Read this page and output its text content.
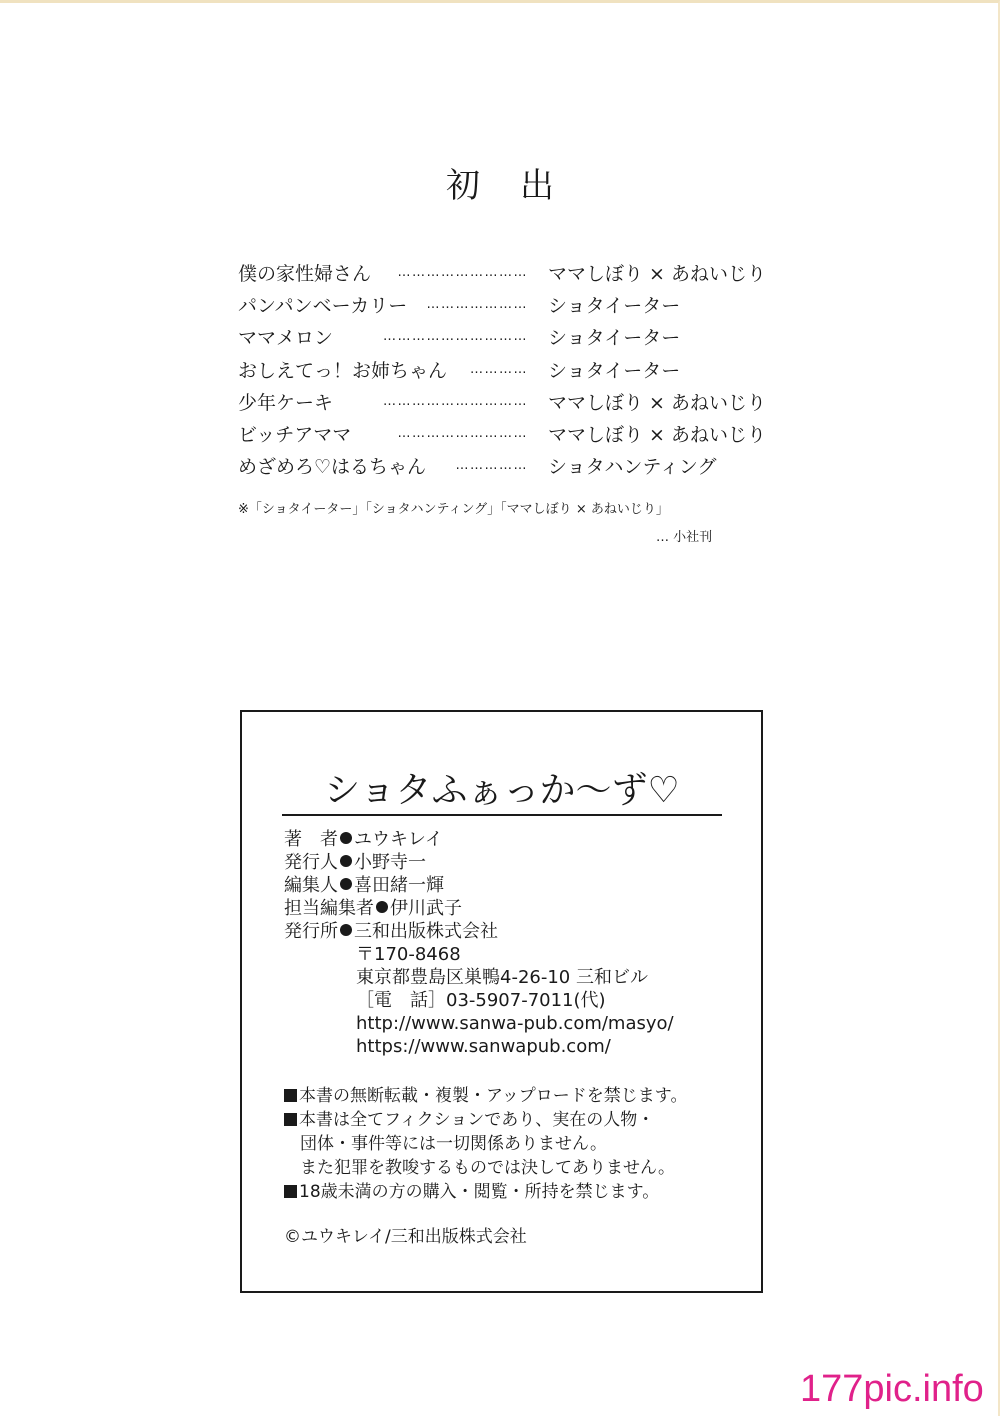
初出
僕の家性婦さん ……………………… ママしぼり × あねいじり
パンパンベーカリー ………………… ショタイーター
ママメロン	………………………… ショタイーター
おしえてっ！お姉ちゃん ………… ショタイーター
少年ケーキ	………………………… ママしぼり × あねいじり
ビッチアママ	……………………… ママしぼり × あねいじり
めざめろ♡はるちゃん …………… ショタハンティング
※「ショタイーター」「ショタハンティング」「ママしぼり × あねいじり」
… 小社刊
ショタふぁっか～ず♡
著　者 ユウキレイ
発行人 小野寺一
編集人 喜田緒一輝
担当編集者 伊川武子
発行所 三和出版株式会社
〒170-8468
東京都豊島区巣鴨4-26-10 三和ビル
［電　話］03-5907-7011(代)
http://www.sanwa-pub.com/masyo/
https://www.sanwapub.com/
本書の無断転載・複製・アップロードを禁じます。
本書は全てフィクションであり、実在の人物・
団体・事件等には一切関係ありません。
また犯罪を教唆するものでは決してありません。
18歳未満の方の購入・閲覧・所持を禁じます。
©ユウキレイ/三和出版株式会社
177pic.info
